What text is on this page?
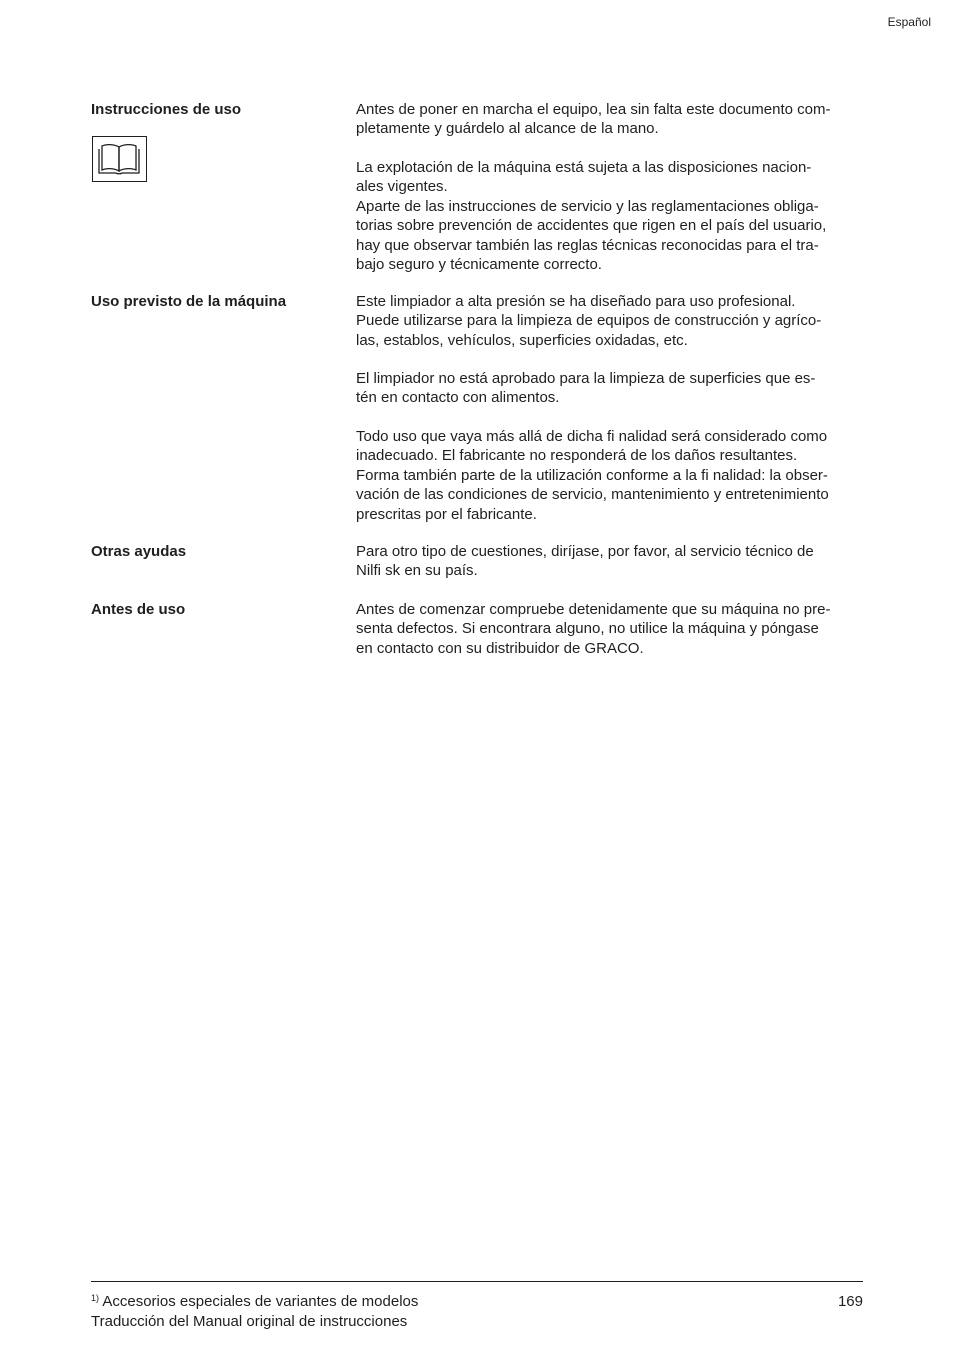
Español
Instrucciones de uso	Antes de poner en marcha el equipo, lea sin falta este documento com-
pletamente y guárdelo al alcance de la mano.

La explotación de la máquina está sujeta a las disposiciones nacion-
ales vigentes.
Aparte de las instrucciones de servicio y las reglamentaciones obliga-
torias sobre prevención de accidentes que rigen en el país del usuario,
hay que observar también las reglas técnicas reconocidas para el tra-
bajo seguro y técnicamente correcto.

Uso previsto de la máquina	Este limpiador a alta presión se ha diseñado para uso profesional.
Puede utilizarse para la limpieza de equipos de construcción y agríco-
las, establos, vehículos, superficies oxidadas, etc.

El limpiador no está aprobado para la limpieza de superficies que es-
tén en contacto con alimentos.

Todo uso que vaya más allá de dicha fi nalidad será considerado como
inadecuado. El fabricante no responderá de los daños resultantes.
Forma también parte de la utilización conforme a la fi nalidad: la obser-
vación de las condiciones de servicio, mantenimiento y entretenimiento
prescritas por el fabricante.

Otras ayudas	Para otro tipo de cuestiones, diríjase, por favor, al servicio técnico de
Nilfi sk en su país.

Antes de uso	Antes de comenzar compruebe detenidamente que su máquina no pre-
senta defectos. Si encontrara alguno, no utilice la máquina y póngase
en contacto con su distribuidor de GRACO.

$^{1)}$ Accesorios especiales de variantes de modelos
Traducción del Manual original de instrucciones
169
